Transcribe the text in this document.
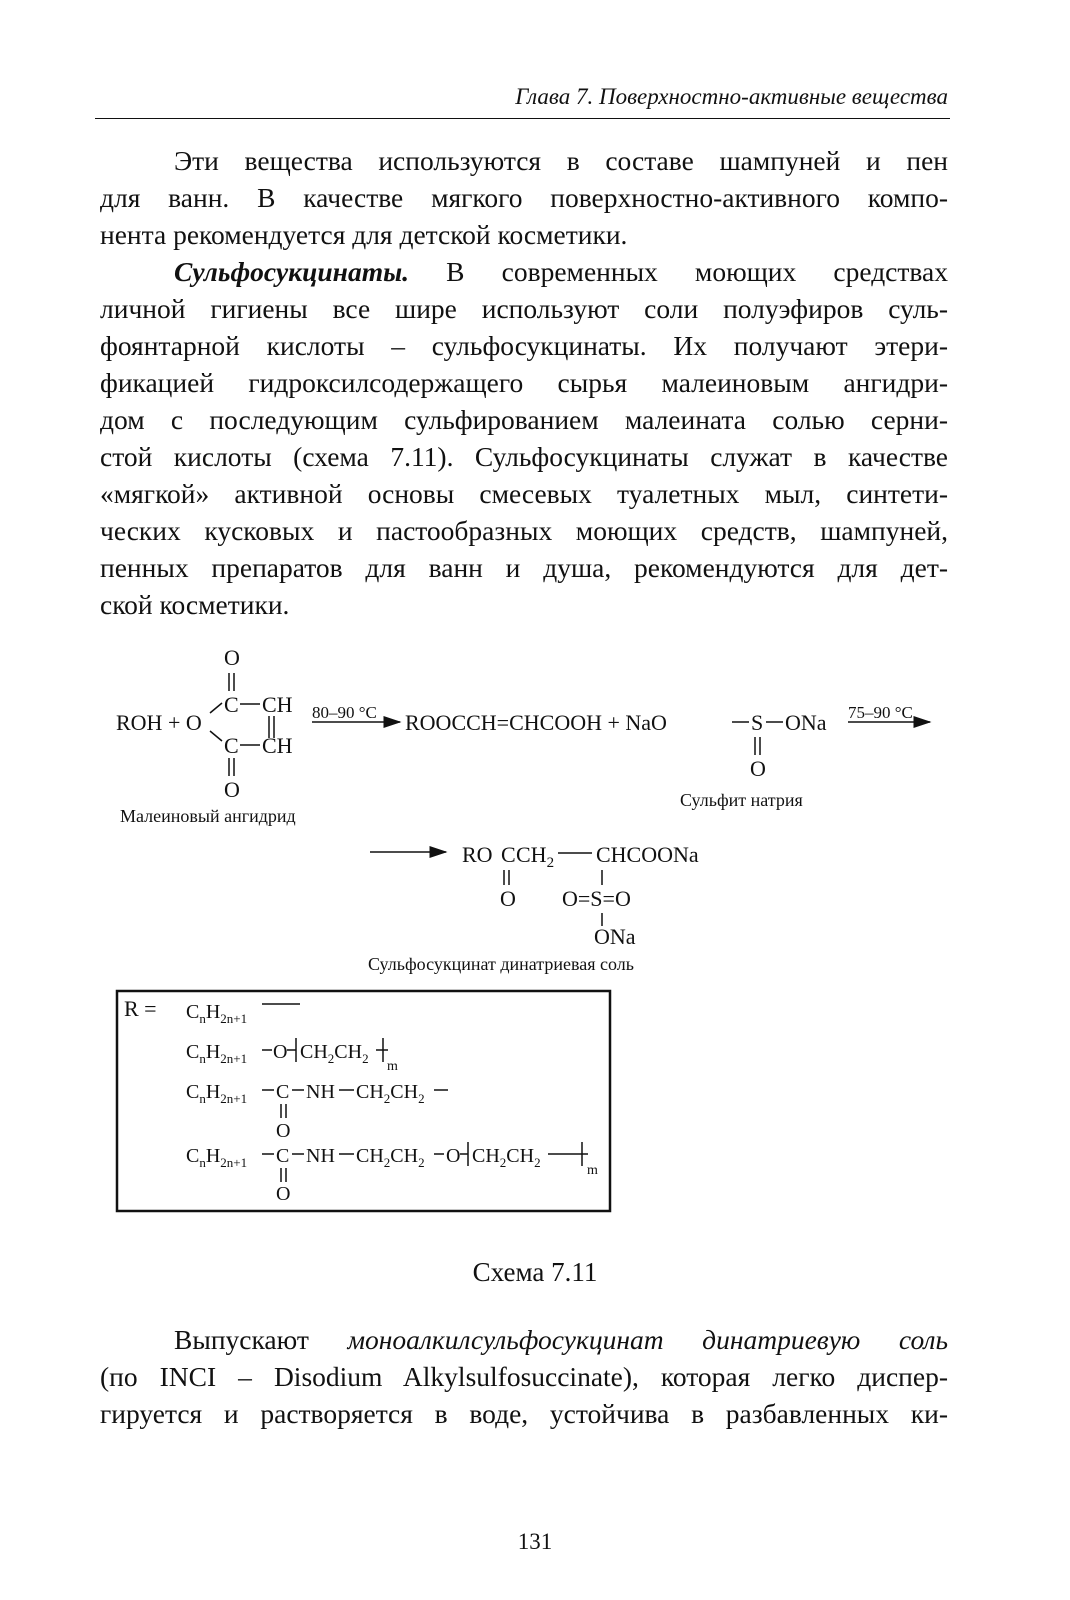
Глава 7. Поверхностно-активные вещества
Эти вещества используются в составе шампуней и пен
для ванн. В качестве мягкого поверхностно-активного компо-
нента рекомендуется для детской косметики.
Сульфосукцинаты. В современных моющих средствах
личной гигиены все шире используют соли полуэфиров суль-
фоянтарной кислоты – сульфосукцинаты. Их получают этери-
фикацией гидроксилсодержащего сырья малеиновым ангидри-
дом с последующим сульфированием малеината солью серни-
стой кислоты (схема 7.11). Сульфосукцинаты служат в качестве
«мягкой» активной основы смесевых туалетных мыл, синтети-
ческих кусковых и пастообразных моющих средств, шампуней,
пенных препаратов для ванн и душа, рекомендуются для дет-
ской косметики.
O
C CH
ROH + O
C CH
O
Малеиновый ангидрид
80–90 °C ROOCCH=CHCOOH + NaO	S ONa
O
Сульфит натрия
75–90 °C
RO C $CH_2$ CHCOONa
O O=S=O
ONa
Сульфосукцинат динатриевая соль
$R = C_nH_{2n+1}$
$C_nH_{2n+1}$ O $CH_2CH_2$
m
$C_nH_{2n+1}$ C NH $CH_2CH_2$
O
$C_nH_{2n+1}$ C NH $CH_2CH_2$ O $CH_2CH_2$
m
O
Схема 7.11
Выпускают моноалкилсульфосукцинат динатриевую соль
(по INCI – Disodium Alkylsulfosuccinate), которая легко диспер-
гируется и растворяется в воде, устойчива в разбавленных ки-
131
